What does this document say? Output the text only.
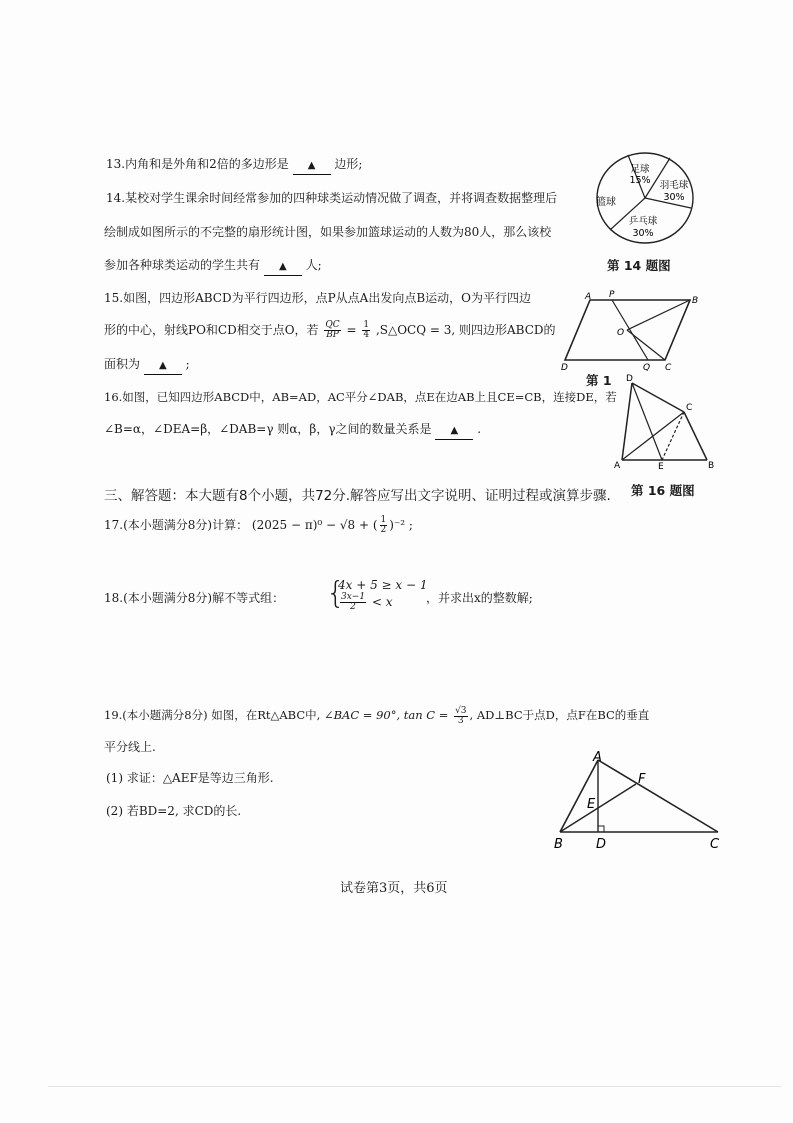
13.内角和是外角和2倍的多边形是 ▲ 边形;
14.某校对学生课余时间经常参加的四种球类运动情况做了调查，并将调查数据整理后
绘制成如图所示的不完整的扇形统计图，如果参加篮球运动的人数为80人，那么该校
参加各种球类运动的学生共有 ▲ 人;
15.如图，四边形ABCD为平行四边形，点P从点A出发向点B运动，O为平行四边
形的中心，射线PO和CD相交于点O，若 $\frac{QC}{BP} = \frac{1}{4}$ ,S△OCQ = 3, 则四边形ABCD的
面积为 ▲ ;
16.如图，已知四边形ABCD中，AB=AD，AC平分∠DAB，点E在边AB上且CE=CB，连接DE，若
∠B=α，∠DEA=β，∠DAB=γ 则α，β，γ之间的数量关系是 ▲ .
三、解答题：本大题有8个小题，共72分.解答应写出文字说明、证明过程或演算步骤.
17.(本小题满分8分)计算： (2025 − π)⁰ − √8 + ( $\frac{1}{2} )^{-2}$ ;
18.(本小题满分8分)解不等式组： {
4x + 5 ≥ x − 1
$\frac{3x-1}{2} < x$	，并求出x的整数解;
19.(本小题满分8分) 如图，在Rt△ABC中, ∠BAC = 90°, $\tan C = \frac{√3}{3}$ , AD⊥BC于点D，点F在BC的垂直
平分线上.
(1) 求证：△AEF是等边三角形.
(2) 若BD=2, 求CD的长.
试卷第3页，共6页
足球
15% 羽毛球
30%
篮球
乒乓球
30%
第 14 题图
A P
B
O
D	Q C
第 1 D
C
A	E	B
第 16 题图
A
F
E
B	D	C
